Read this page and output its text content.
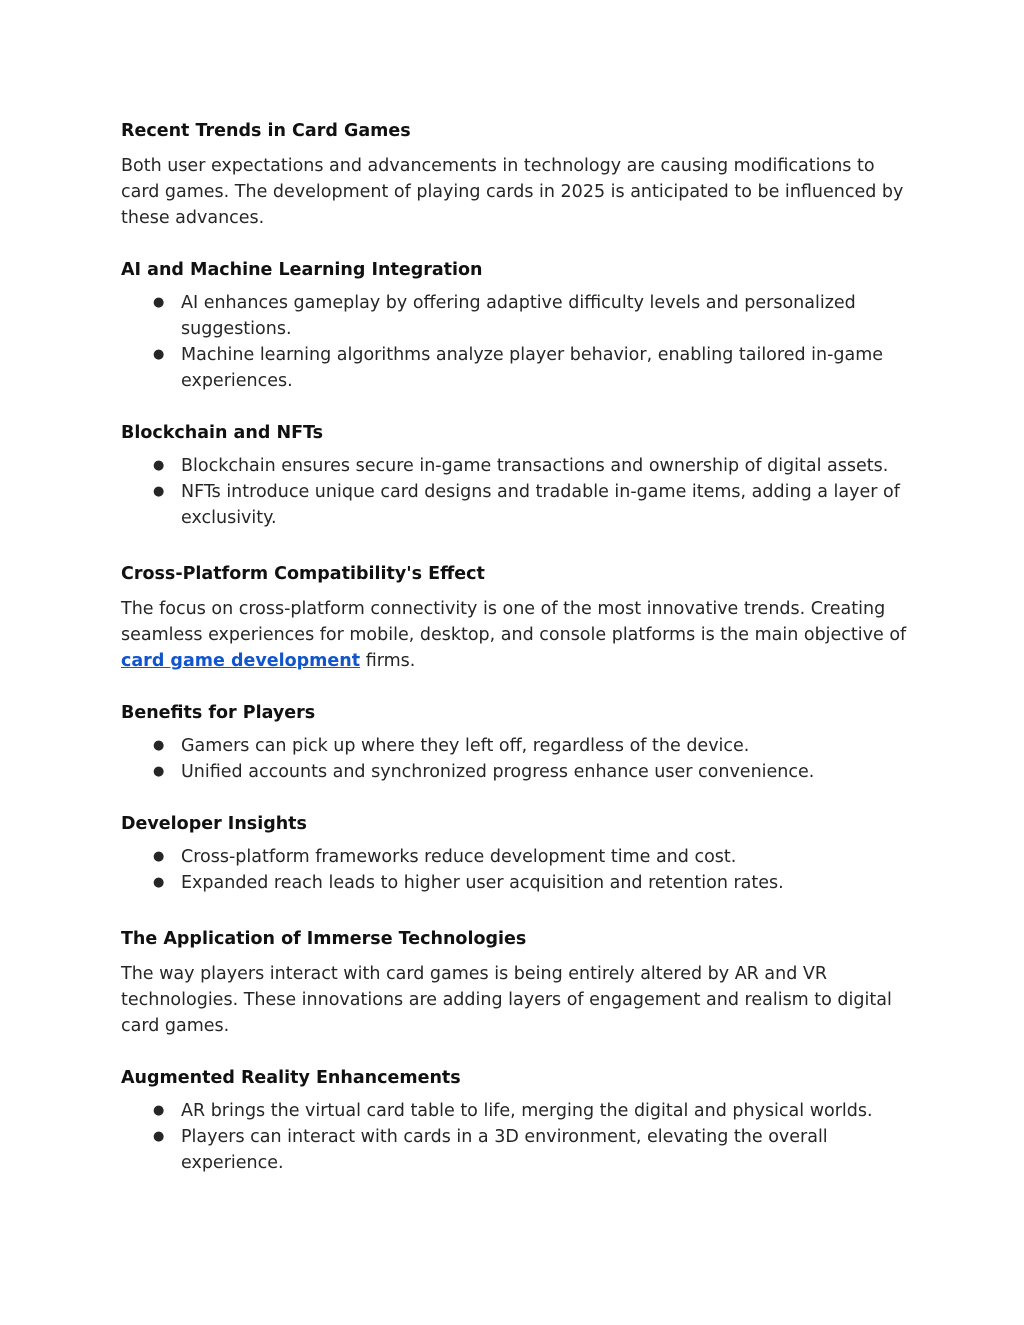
Recent Trends in Card Games

Both user expectations and advancements in technology are causing modifications to card games. The development of playing cards in 2025 is anticipated to be influenced by these advances.

AI and Machine Learning Integration
● AI enhances gameplay by offering adaptive difficulty levels and personalized suggestions.
● Machine learning algorithms analyze player behavior, enabling tailored in-game experiences.
Blockchain and NFTs
● Blockchain ensures secure in-game transactions and ownership of digital assets.
● NFTs introduce unique card designs and tradable in-game items, adding a layer of exclusivity.
Cross-Platform Compatibility's Effect

The focus on cross-platform connectivity is one of the most innovative trends. Creating seamless experiences for mobile, desktop, and console platforms is the main objective of card game development firms.

Benefits for Players
● Gamers can pick up where they left off, regardless of the device.
● Unified accounts and synchronized progress enhance user convenience.
Developer Insights
● Cross-platform frameworks reduce development time and cost.
● Expanded reach leads to higher user acquisition and retention rates.
The Application of Immerse Technologies

The way players interact with card games is being entirely altered by AR and VR technologies. These innovations are adding layers of engagement and realism to digital card games.

Augmented Reality Enhancements
● AR brings the virtual card table to life, merging the digital and physical worlds.
● Players can interact with cards in a 3D environment, elevating the overall experience.
